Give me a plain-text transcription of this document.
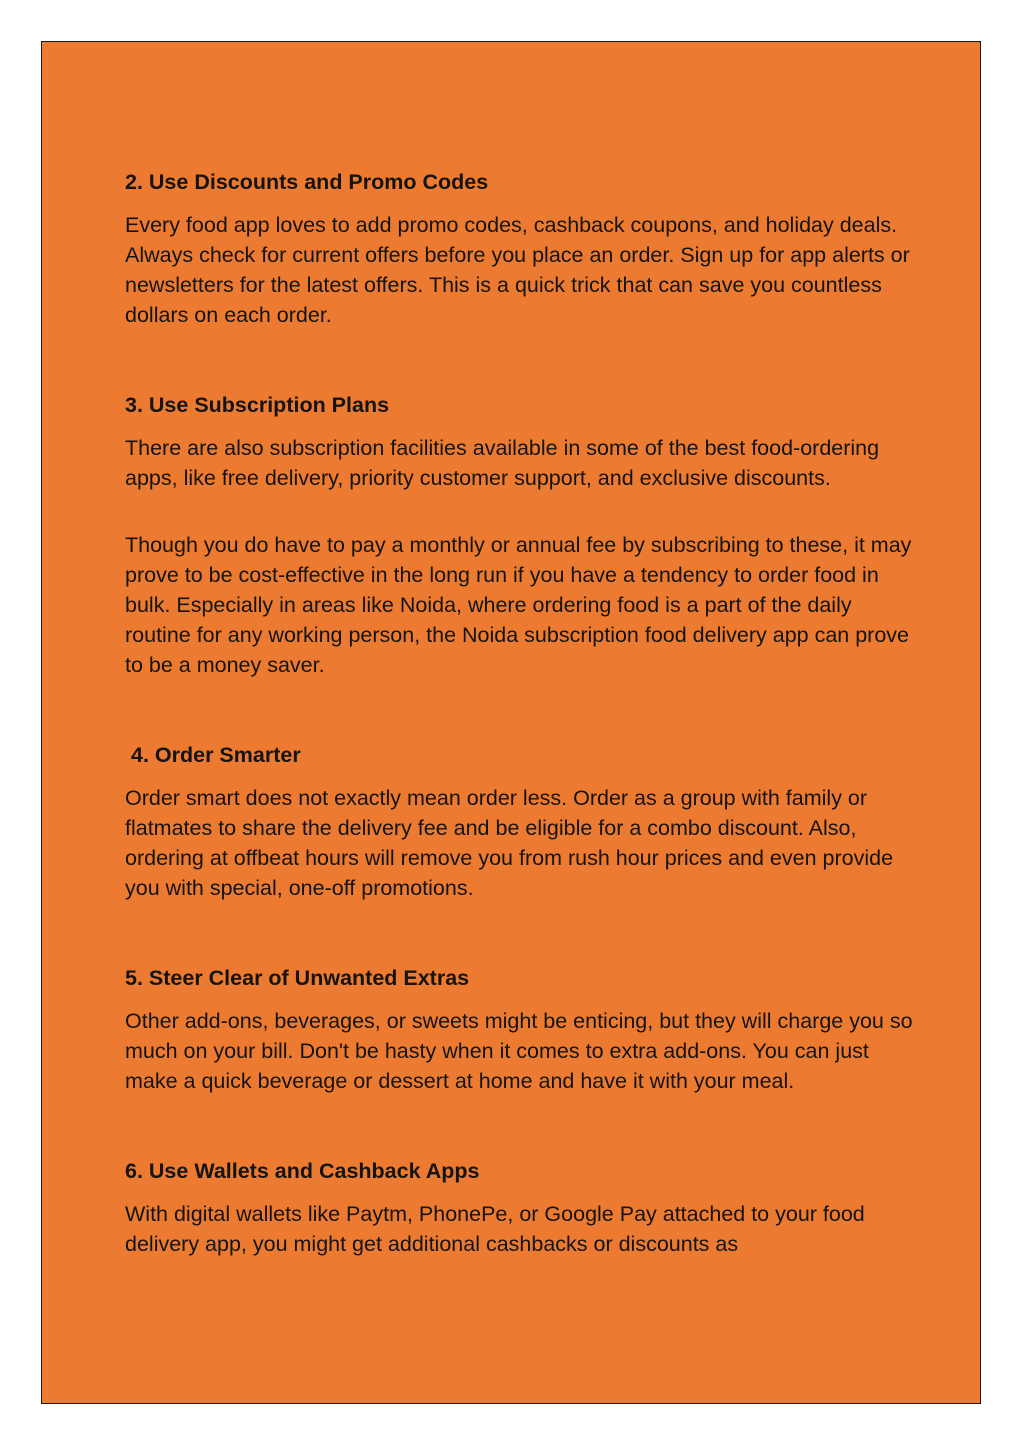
2. Use Discounts and Promo Codes

Every food app loves to add promo codes, cashback coupons, and holiday deals. Always check for current offers before you place an order. Sign up for app alerts or newsletters for the latest offers. This is a quick trick that can save you countless dollars on each order.

3. Use Subscription Plans

There are also subscription facilities available in some of the best food-ordering apps, like free delivery, priority customer support, and exclusive discounts.

Though you do have to pay a monthly or annual fee by subscribing to these, it may prove to be cost-effective in the long run if you have a tendency to order food in bulk. Especially in areas like Noida, where ordering food is a part of the daily routine for any working person, the Noida subscription food delivery app can prove to be a money saver.

4. Order Smarter

Order smart does not exactly mean order less. Order as a group with family or flatmates to share the delivery fee and be eligible for a combo discount. Also, ordering at offbeat hours will remove you from rush hour prices and even provide you with special, one-off promotions.

5. Steer Clear of Unwanted Extras

Other add-ons, beverages, or sweets might be enticing, but they will charge you so much on your bill. Don't be hasty when it comes to extra add-ons. You can just make a quick beverage or dessert at home and have it with your meal.

6. Use Wallets and Cashback Apps

With digital wallets like Paytm, PhonePe, or Google Pay attached to your food delivery app, you might get additional cashbacks or discounts as
